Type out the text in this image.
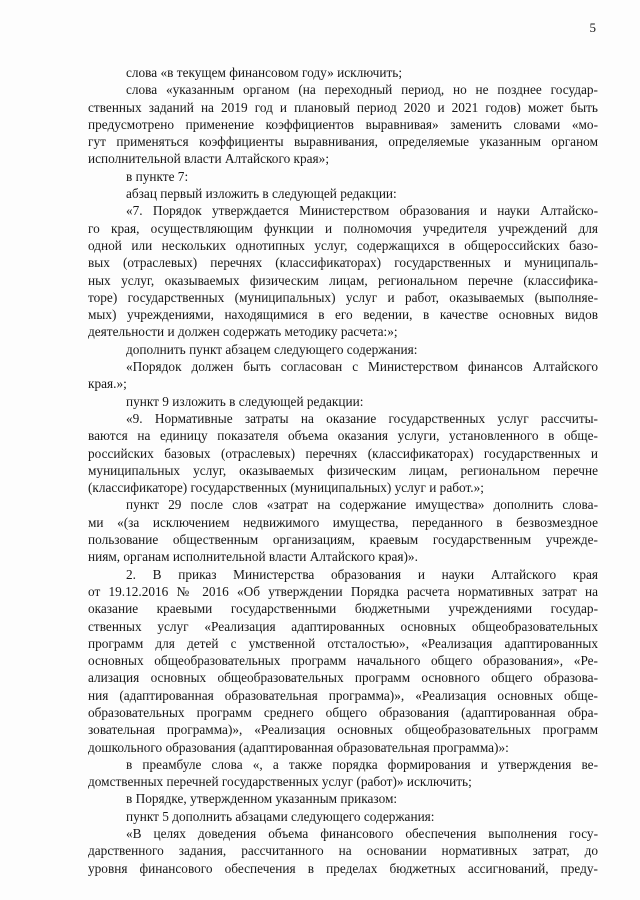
5
слова «в текущем финансовом году» исключить;
слова «указанным органом (на переходный период, но не позднее государ-
ственных заданий на 2019 год и плановый период 2020 и 2021 годов) может быть
предусмотрено применение коэффициентов выравнивая» заменить словами «мо-
гут применяться коэффициенты выравнивания, определяемые указанным органом
исполнительной власти Алтайского края»;
в пункте 7:
абзац первый изложить в следующей редакции:
«7. Порядок утверждается Министерством образования и науки Алтайско-
го края, осуществляющим функции и полномочия учредителя учреждений для
одной или нескольких однотипных услуг, содержащихся в общероссийских базо-
вых (отраслевых) перечнях (классификаторах) государственных и муниципаль-
ных услуг, оказываемых физическим лицам, региональном перечне (классифика-
торе) государственных (муниципальных) услуг и работ, оказываемых (выполняе-
мых) учреждениями, находящимися в его ведении, в качестве основных видов
деятельности и должен содержать методику расчета:»;
дополнить пункт абзацем следующего содержания:
«Порядок должен быть согласован с Министерством финансов Алтайского
края.»;
пункт 9 изложить в следующей редакции:
«9. Нормативные затраты на оказание государственных услуг рассчиты-
ваются на единицу показателя объема оказания услуги, установленного в обще-
российских базовых (отраслевых) перечнях (классификаторах) государственных и
муниципальных услуг, оказываемых физическим лицам, региональном перечне
(классификаторе) государственных (муниципальных) услуг и работ.»;
пункт 29 после слов «затрат на содержание имущества» дополнить слова-
ми «(за исключением недвижимого имущества, переданного в безвозмездное
пользование общественным организациям, краевым государственным учрежде-
ниям, органам исполнительной власти Алтайского края)».
2. В приказ Министерства образования и науки Алтайского края
от 19.12.2016 № 2016 «Об утверждении Порядка расчета нормативных затрат на
оказание краевыми государственными бюджетными учреждениями государ-
ственных услуг «Реализация адаптированных основных общеобразовательных
программ для детей с умственной отсталостью», «Реализация адаптированных
основных общеобразовательных программ начального общего образования», «Ре-
ализация основных общеобразовательных программ основного общего образова-
ния (адаптированная образовательная программа)», «Реализация основных обще-
образовательных программ среднего общего образования (адаптированная обра-
зовательная программа)», «Реализация основных общеобразовательных программ
дошкольного образования (адаптированная образовательная программа)»:
в преамбуле слова «, а также порядка формирования и утверждения ве-
домственных перечней государственных услуг (работ)» исключить;
в Порядке, утвержденном указанным приказом:
пункт 5 дополнить абзацами следующего содержания:
«В целях доведения объема финансового обеспечения выполнения госу-
дарственного задания, рассчитанного на основании нормативных затрат, до
уровня финансового обеспечения в пределах бюджетных ассигнований, преду-
